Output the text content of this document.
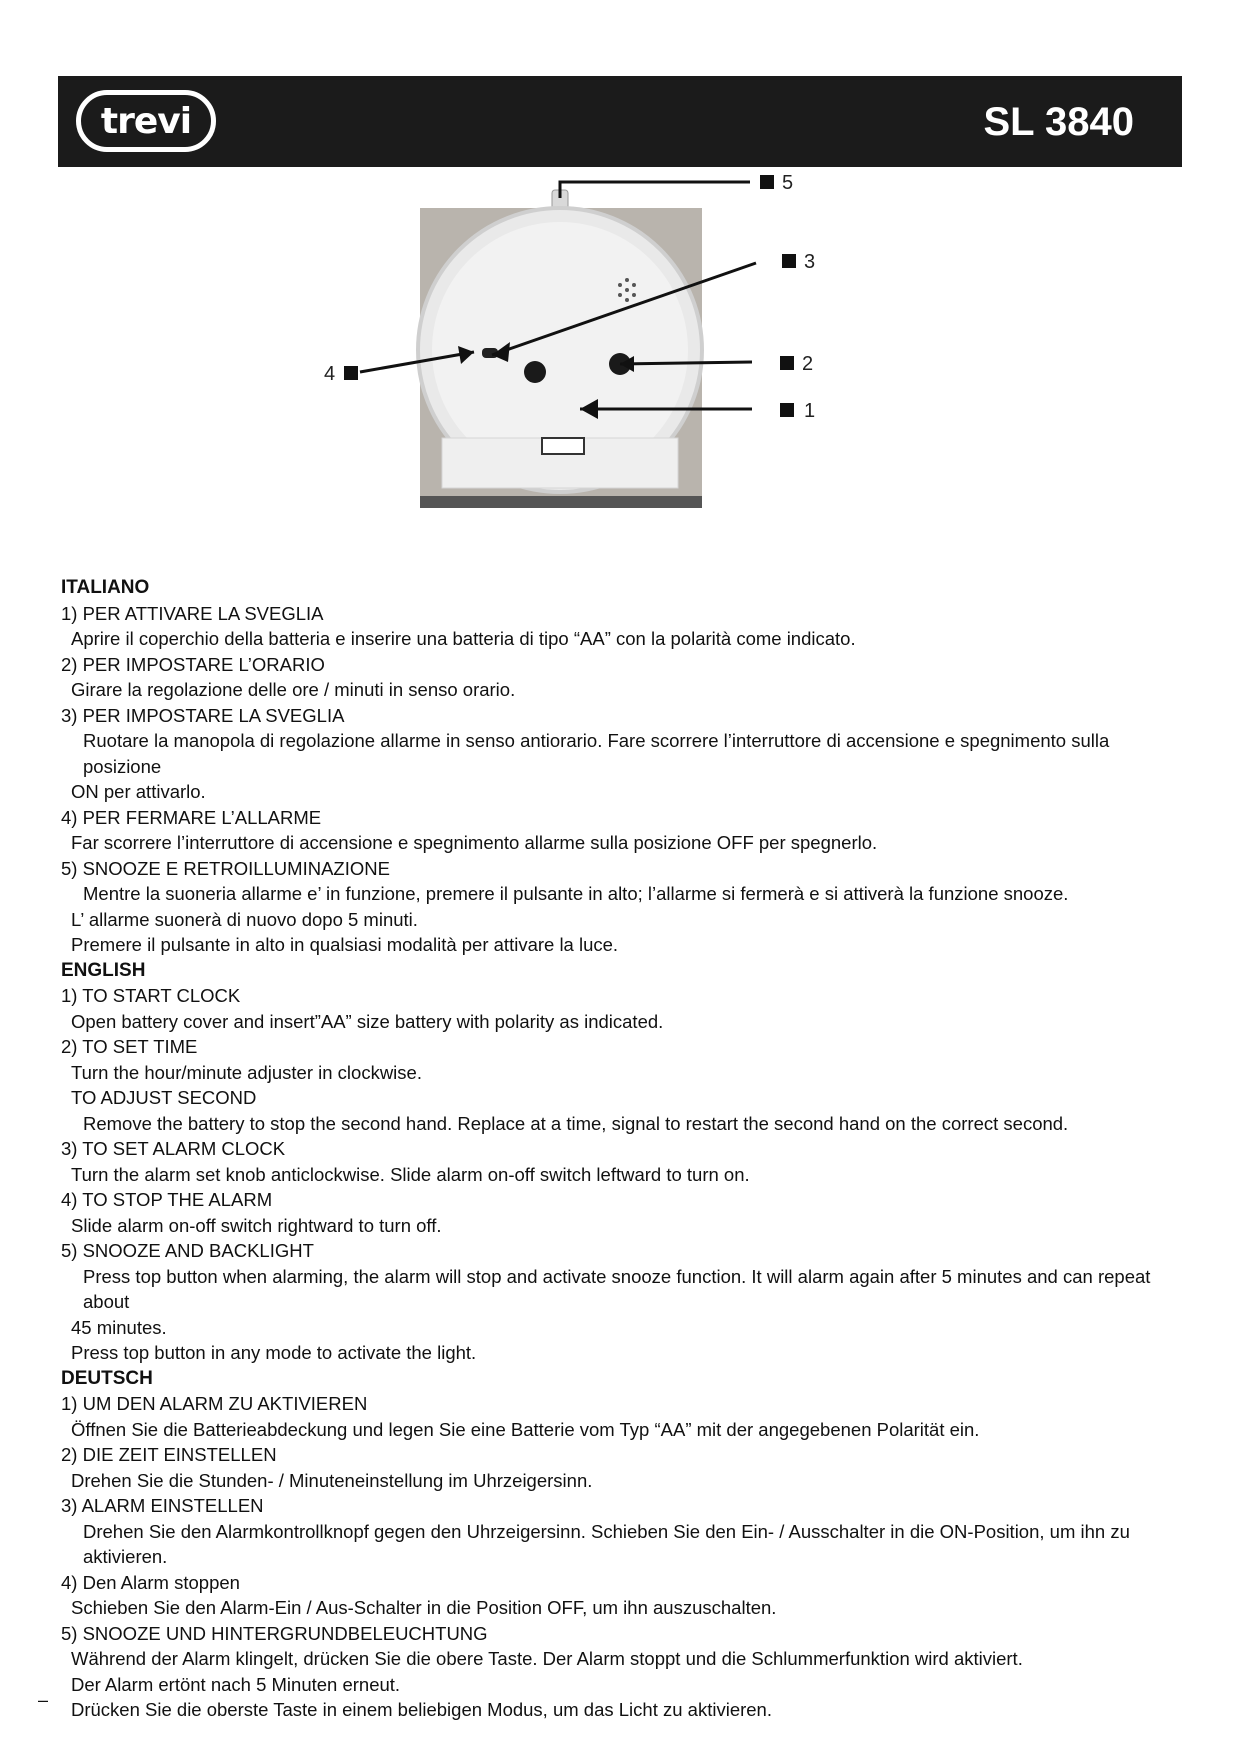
trevi	SL 3840
5
3
2
1
4
ITALIANO
1) PER ATTIVARE LA SVEGLIA
Aprire il coperchio della batteria e inserire una batteria di tipo “AA” con la polarità come indicato.
2) PER IMPOSTARE L’ORARIO
Girare la regolazione delle ore / minuti in senso orario.
3) PER IMPOSTARE LA SVEGLIA
Ruotare la manopola di regolazione allarme in senso antiorario. Fare scorrere l’interruttore di accensione e spegnimento sulla posizione
ON per attivarlo.
4) PER FERMARE L’ALLARME
Far scorrere l’interruttore di accensione e spegnimento allarme sulla posizione OFF per spegnerlo.
5) SNOOZE E RETROILLUMINAZIONE
Mentre la suoneria allarme e’ in funzione, premere il pulsante in alto; l’allarme si fermerà e si attiverà la funzione snooze.
L’ allarme suonerà di nuovo dopo 5 minuti.
Premere il pulsante in alto in qualsiasi modalità per attivare la luce.
ENGLISH
1) TO START CLOCK
Open battery cover and insert”AA” size battery with polarity as indicated.
2) TO SET TIME
Turn the hour/minute adjuster in clockwise.
TO ADJUST SECOND
Remove the battery to stop the second hand. Replace at a time, signal to restart the second hand on the correct second.
3) TO SET ALARM CLOCK
Turn the alarm set knob anticlockwise. Slide alarm on-off switch leftward to turn on.
4) TO STOP THE ALARM
Slide alarm on-off switch rightward to turn off.
5) SNOOZE AND BACKLIGHT
Press top button when alarming, the alarm will stop and activate snooze function. It will alarm again after 5 minutes and can repeat about
45 minutes.
Press top button in any mode to activate the light.
DEUTSCH
1) UM DEN ALARM ZU AKTIVIEREN
Öffnen Sie die Batterieabdeckung und legen Sie eine Batterie vom Typ “AA” mit der angegebenen Polarität ein.
2) DIE ZEIT EINSTELLEN
Drehen Sie die Stunden- / Minuteneinstellung im Uhrzeigersinn.
3) ALARM EINSTELLEN
Drehen Sie den Alarmkontrollknopf gegen den Uhrzeigersinn. Schieben Sie den Ein- / Ausschalter in die ON-Position, um ihn zu aktivieren.
4) Den Alarm stoppen
Schieben Sie den Alarm-Ein / Aus-Schalter in die Position OFF, um ihn auszuschalten.
5) SNOOZE UND HINTERGRUNDBELEUCHTUNG
Während der Alarm klingelt, drücken Sie die obere Taste. Der Alarm stoppt und die Schlummerfunktion wird aktiviert.
Der Alarm ertönt nach 5 Minuten erneut.
Drücken Sie die oberste Taste in einem beliebigen Modus, um das Licht zu aktivieren.
–
